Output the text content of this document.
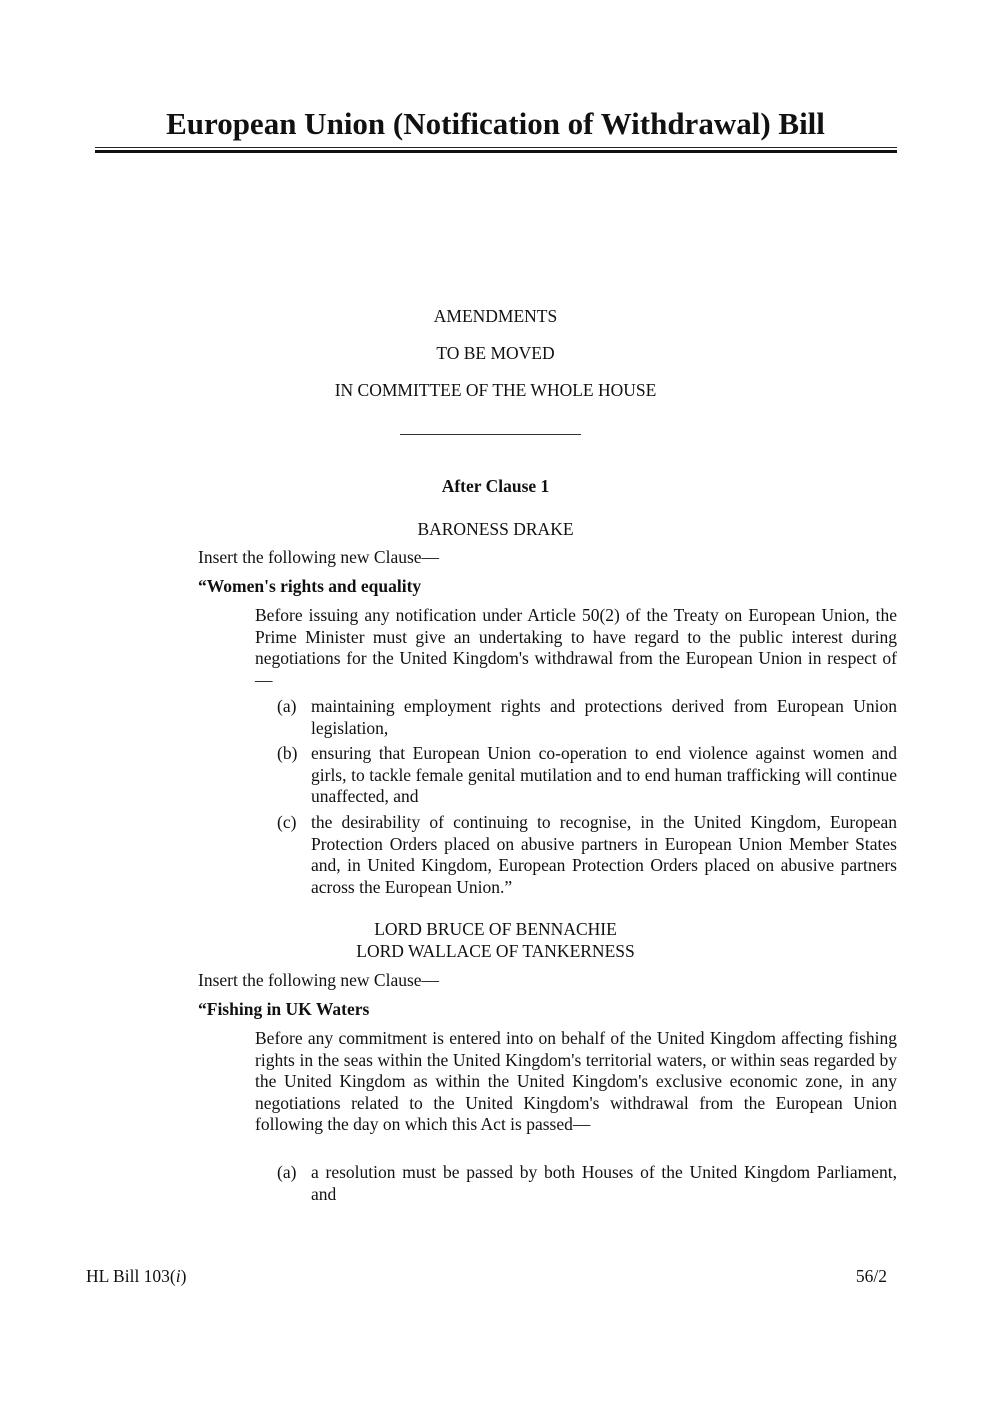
European Union (Notification of Withdrawal) Bill
AMENDMENTS
TO BE MOVED
IN COMMITTEE OF THE WHOLE HOUSE
After Clause 1
BARONESS DRAKE
Insert the following new Clause—
“Women's rights and equality
Before issuing any notification under Article 50(2) of the Treaty on European Union, the Prime Minister must give an undertaking to have regard to the public interest during negotiations for the United Kingdom's withdrawal from the European Union in respect of—
(a) maintaining employment rights and protections derived from European Union legislation,
(b) ensuring that European Union co-operation to end violence against women and girls, to tackle female genital mutilation and to end human trafficking will continue unaffected, and
(c) the desirability of continuing to recognise, in the United Kingdom, European Protection Orders placed on abusive partners in European Union Member States and, in United Kingdom, European Protection Orders placed on abusive partners across the European Union.”
LORD BRUCE OF BENNACHIE
LORD WALLACE OF TANKERNESS
Insert the following new Clause—
“Fishing in UK Waters
Before any commitment is entered into on behalf of the United Kingdom affecting fishing rights in the seas within the United Kingdom's territorial waters, or within seas regarded by the United Kingdom as within the United Kingdom's exclusive economic zone, in any negotiations related to the United Kingdom's withdrawal from the European Union following the day on which this Act is passed—
(a) a resolution must be passed by both Houses of the United Kingdom Parliament, and
HL Bill 103(i)	56/2
